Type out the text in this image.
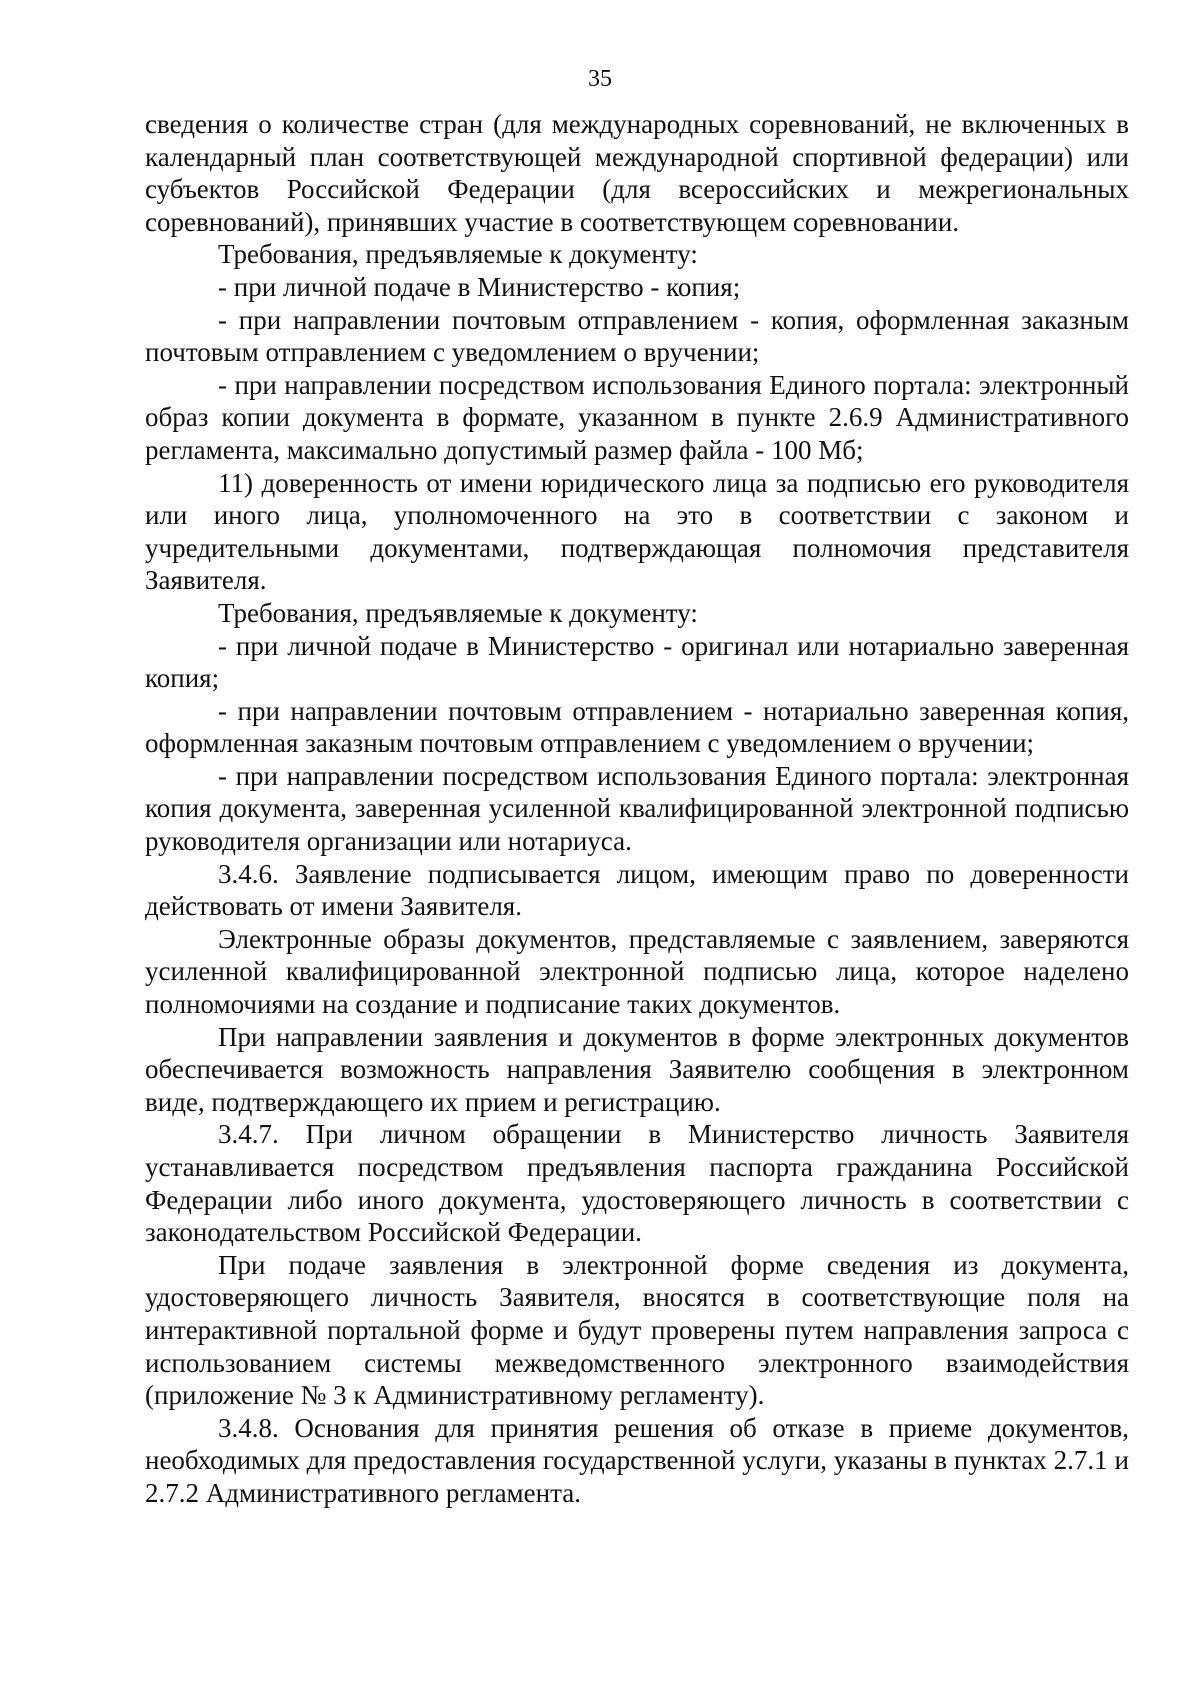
35

сведения о количестве стран (для международных соревнований, не включенных в календарный план соответствующей международной спортивной федерации) или субъектов Российской Федерации (для всероссийских и межрегиональных соревнований), принявших участие в соответствующем соревновании.

Требования, предъявляемые к документу:

- при личной подаче в Министерство - копия;

- при направлении почтовым отправлением - копия, оформленная заказным почтовым отправлением с уведомлением о вручении;

- при направлении посредством использования Единого портала: электронный образ копии документа в формате, указанном в пункте 2.6.9 Административного регламента, максимально допустимый размер файла - 100 Мб;

11) доверенность от имени юридического лица за подписью его руководителя или иного лица, уполномоченного на это в соответствии с законом и учредительными документами, подтверждающая полномочия представителя Заявителя.

Требования, предъявляемые к документу:

- при личной подаче в Министерство - оригинал или нотариально заверенная копия;

- при направлении почтовым отправлением - нотариально заверенная копия, оформленная заказным почтовым отправлением с уведомлением о вручении;

- при направлении посредством использования Единого портала: электронная копия документа, заверенная усиленной квалифицированной электронной подписью руководителя организации или нотариуса.

3.4.6. Заявление подписывается лицом, имеющим право по доверенности действовать от имени Заявителя.

Электронные образы документов, представляемые с заявлением, заверяются усиленной квалифицированной электронной подписью лица, которое наделено полномочиями на создание и подписание таких документов.

При направлении заявления и документов в форме электронных документов обеспечивается возможность направления Заявителю сообщения в электронном виде, подтверждающего их прием и регистрацию.

3.4.7. При личном обращении в Министерство личность Заявителя устанавливается посредством предъявления паспорта гражданина Российской Федерации либо иного документа, удостоверяющего личность в соответствии с законодательством Российской Федерации.

При подаче заявления в электронной форме сведения из документа, удостоверяющего личность Заявителя, вносятся в соответствующие поля на интерактивной портальной форме и будут проверены путем направления запроса с использованием системы межведомственного электронного взаимодействия (приложение № 3 к Административному регламенту).

3.4.8. Основания для принятия решения об отказе в приеме документов, необходимых для предоставления государственной услуги, указаны в пунктах 2.7.1 и 2.7.2 Административного регламента.
